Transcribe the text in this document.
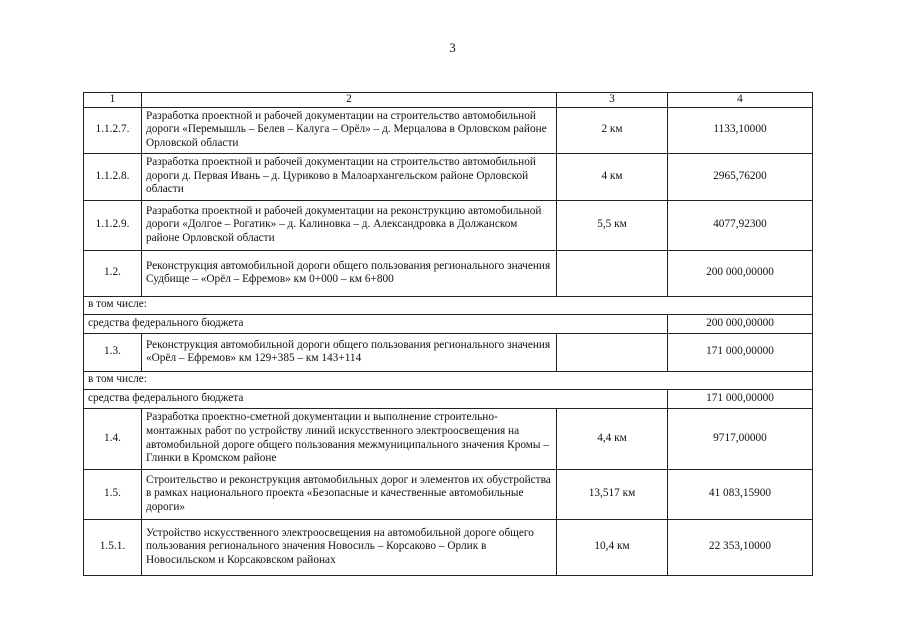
3
1	2	3	4
1.1.2.7.	Разработка проектной и рабочей документации на строительство автомобильной дороги «Перемышль – Белев – Калуга – Орёл» – д. Мерцалова в Орловском районе Орловской области	2 км	1133,10000
1.1.2.8.	Разработка проектной и рабочей документации на строительство автомобильной дороги д. Первая Ивань – д. Цуриково в Малоархангельском районе Орловской области	4 км	2965,76200
1.1.2.9.	Разработка проектной и рабочей документации на реконструкцию автомобильной дороги «Долгое – Рогатик» – д. Калиновка – д. Александровка в Должанском районе Орловской области	5,5 км	4077,92300
1.2.	Реконструкция автомобильной дороги общего пользования регионального значения Судбище – «Орёл – Ефремов» км 0+000 – км 6+800		200 000,00000
в том числе:			
средства федерального бюджета			200 000,00000
1.3.	Реконструкция автомобильной дороги общего пользования регионального значения «Орёл – Ефремов» км 129+385 – км 143+114		171 000,00000
в том числе:			
средства федерального бюджета			171 000,00000
1.4.	Разработка проектно-сметной документации и выполнение строительно-монтажных работ по устройству линий искусственного электроосвещения на автомобильной дороге общего пользования межмуниципального значения Кромы – Глинки в Кромском районе	4,4 км	9717,00000
1.5.	Строительство и реконструкция автомобильных дорог и элементов их обустройства в рамках национального проекта «Безопасные и качественные автомобильные дороги»	13,517 км	41 083,15900
1.5.1.	Устройство искусственного электроосвещения на автомобильной дороге общего пользования регионального значения Новосиль – Корсаково – Орлик в Новосильском и Корсаковском районах	10,4 км	22 353,10000
